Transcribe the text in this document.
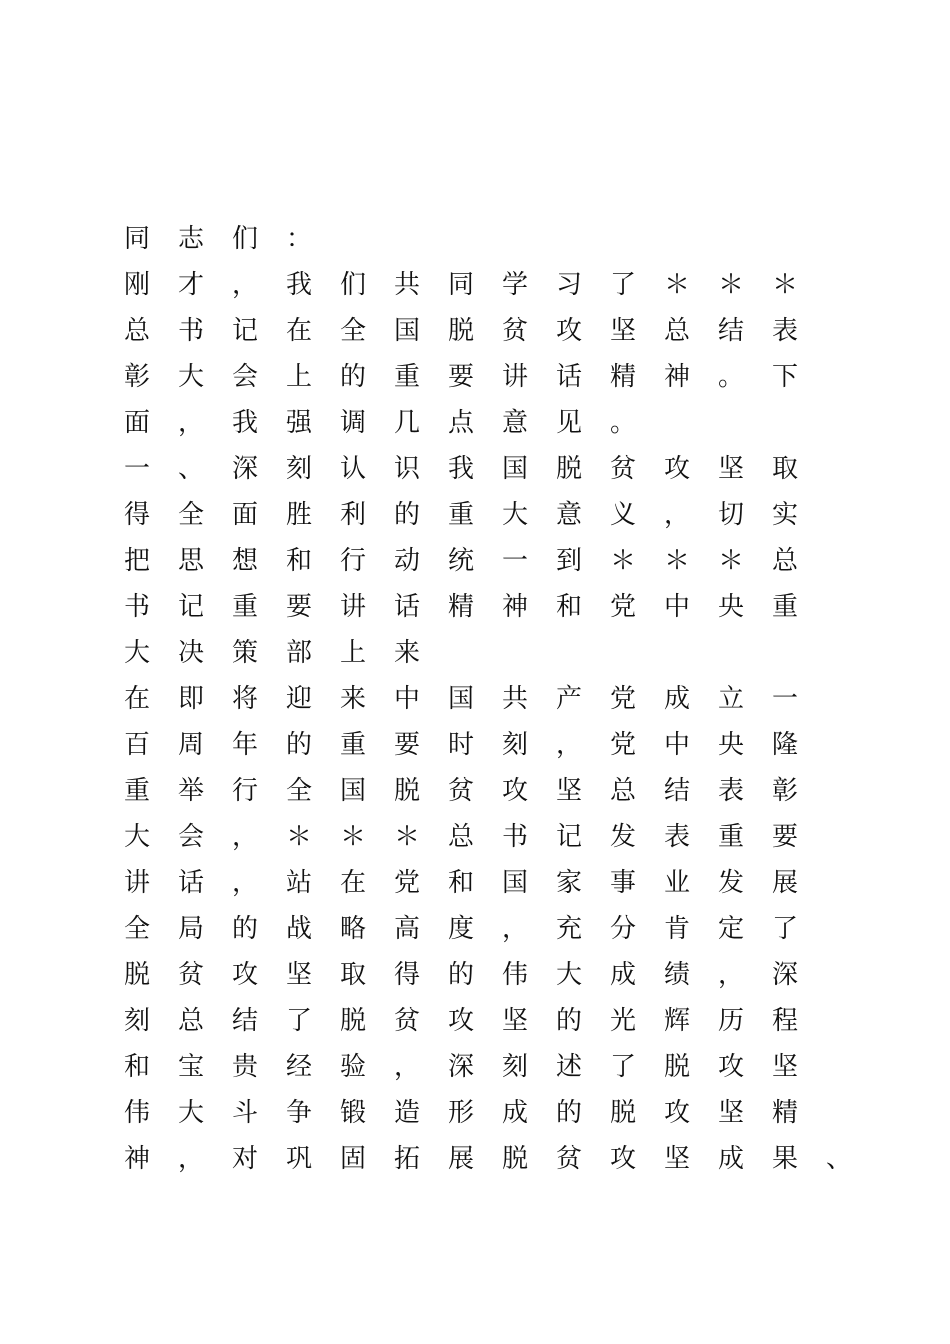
同志们：
刚才，我们共同学习了＊＊＊
总书记在全国脱贫攻坚总结表
彰大会上的重要讲话精神。下
面，我强调几点意见。
一、深刻认识我国脱贫攻坚取
得全面胜利的重大意义，切实
把思想和行动统一到＊＊＊总
书记重要讲话精神和党中央重
大决策部上来
在即将迎来中国共产党成立一
百周年的重要时刻，党中央隆
重举行全国脱贫攻坚总结表彰
大会，＊＊＊总书记发表重要
讲话，站在党和国家事业发展
全局的战略高度，充分肯定了
脱贫攻坚取得的伟大成绩，深
刻总结了脱贫攻坚的光辉历程
和宝贵经验，深刻述了脱攻坚
伟大斗争锻造形成的脱攻坚精
神，对巩固拓展脱贫攻坚成果、
